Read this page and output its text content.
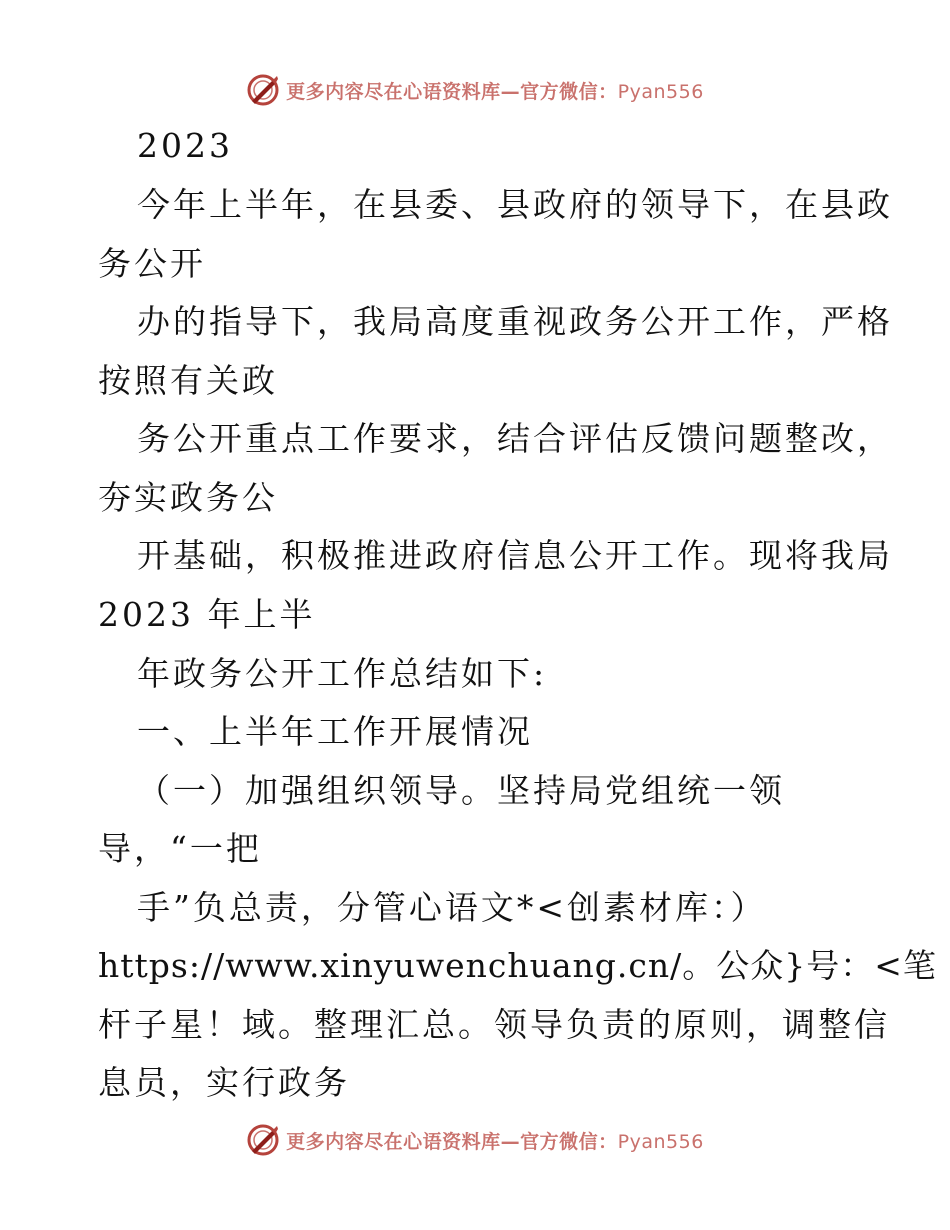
更多内容尽在心语资料库—官方微信：Pyan556
2023
今年上半年，在县委、县政府的领导下，在县政
务公开
办的指导下，我局高度重视政务公开工作，严格
按照有关政
务公开重点工作要求，结合评估反馈问题整改，
夯实政务公
开基础，积极推进政府信息公开工作。现将我局
2023 年上半
年政务公开工作总结如下:
一、上半年工作开展情况
（一）加强组织领导。坚持局党组统一领
导，“一把
手”负总责，分管心语文*<创素材库：）
https://www.xinyuwenchuang.cn/。公众}号：<笔
杆子星！域。整理汇总。领导负责的原则，调整信
息员，实行政务
更多内容尽在心语资料库—官方微信：Pyan556
